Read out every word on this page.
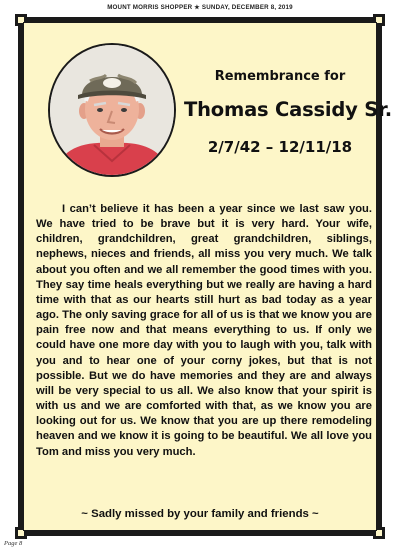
MOUNT MORRIS SHOPPER ★ SUNDAY, DECEMBER 8, 2019
Remembrance for
Thomas Cassidy Sr.
2/7/42 – 12/11/18

I can’t believe it has been a year since we last saw you. We have tried to be brave but it is very hard. Your wife, children, grandchildren, great grandchildren, siblings, nephews, nieces and friends, all miss you very much. We talk about you often and we all remember the good times with you. They say time heals everything but we really are having a hard time with that as our hearts still hurt as bad today as a year ago. The only saving grace for all of us is that we know you are pain free now and that means everything to us. If only we could have one more day with you to laugh with you, talk with you and to hear one of your corny jokes, but that is not possible. But we do have memories and they are and always will be very special to us all. We also know that your spirit is with us and we are comforted with that, as we know you are looking out for us. We know that you are up there remodeling heaven and we know it is going to be beautiful. We all love you Tom and miss you very much.

~ Sadly missed by your family and friends ~
Page 8
